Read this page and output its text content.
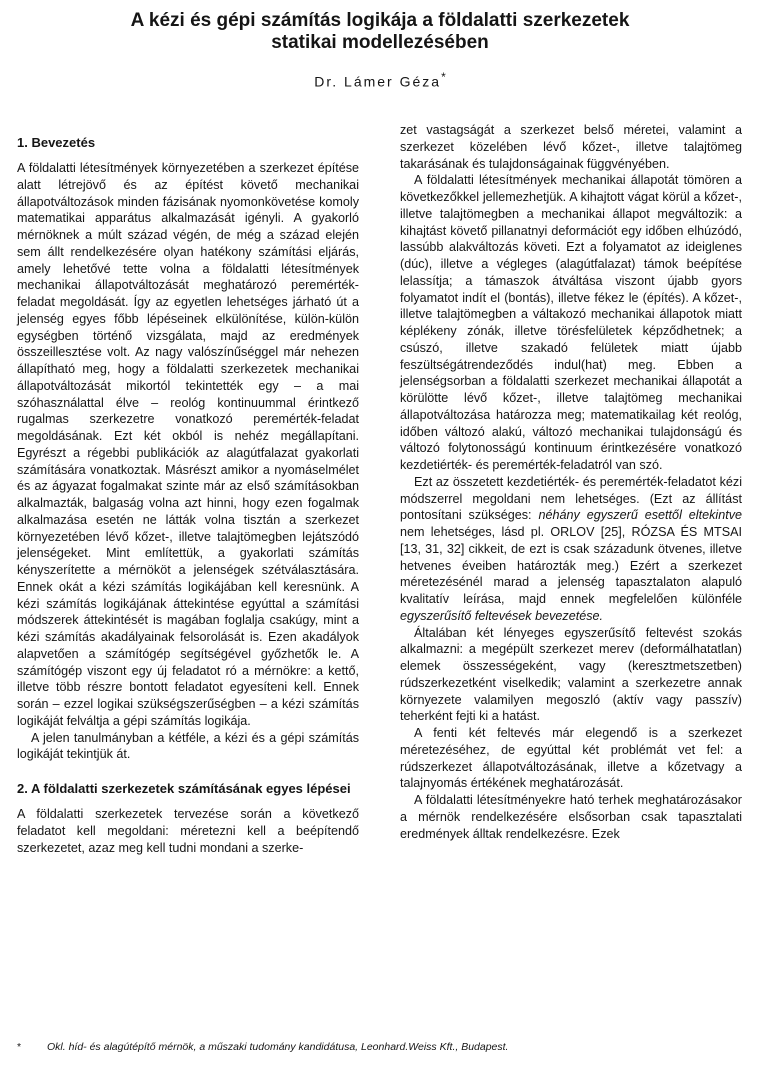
A kézi és gépi számítás logikája a földalatti szerkezetek
statikai modellezésében
Dr. Lámer Géza*
1. Bevezetés

A földalatti létesítmények környezetében a szerkezet építése alatt létrejövő és az építést követő mechanikai állapotváltozások minden fázisának nyomonkövetése komoly matematikai apparátus alkalmazását igényli. A gyakorló mérnöknek a múlt század végén, de még a század elején sem állt rendelkezésére olyan hatékony számítási eljárás, amely lehetővé tette volna a földalatti létesítmények mechanikai állapotváltozását meghatározó peremérték-feladat megoldását. Így az egyetlen lehetséges járható út a jelenség egyes főbb lépéseinek elkülönítése, külön-külön egységben történő vizsgálata, majd az eredmények összeillesztése volt. Az nagy valószínűséggel már nehezen állapítható meg, hogy a földalatti szerkezetek mechanikai állapotváltozását mikortól tekintették egy – a mai szóhasználattal élve – reológ kontinuummal érintkező rugalmas szerkezetre vonatkozó peremérték-feladat megoldásának. Ezt két okból is nehéz megállapítani. Egyrészt a régebbi publikációk az alagútfalazat gyakorlati számítására vonatkoztak. Másrészt amikor a nyomáselmélet és az ágyazat fogalmakat szinte már az első számításokban alkalmazták, balgaság volna azt hinni, hogy ezen fogalmak alkalmazása esetén ne látták volna tisztán a szerkezet környezetében lévő kőzet-, illetve talajtömegben lejátszódó jelenségeket. Mint említettük, a gyakorlati számítás kényszerítette a mérnököt a jelenségek szétválasztására. Ennek okát a kézi számítás logikájában kell keresnünk. A kézi számítás logikájának áttekintése egyúttal a számítási módszerek áttekintését is magában foglalja csakúgy, mint a kézi számítás akadályainak felsorolását is. Ezen akadályok alapvetően a számítógép segítségével győzhetők le. A számítógép viszont egy új feladatot ró a mérnökre: a kettő, illetve több részre bontott feladatot egyesíteni kell. Ennek során – ezzel logikai szükségszerűségben – a kézi számítás logikáját felváltja a gépi számítás logikája.

A jelen tanulmányban a kétféle, a kézi és a gépi számítás logikáját tekintjük át.

2. A földalatti szerkezetek számításának egyes lépései

A földalatti szerkezetek tervezése során a következő feladatot kell megoldani: méretezni kell a beépítendő szerkezetet, azaz meg kell tudni mondani a szerke-

zet vastagságát a szerkezet belső méretei, valamint a szerkezet közelében lévő kőzet-, illetve talajtömeg takarásának és tulajdonságainak függvényében.

A földalatti létesítmények mechanikai állapotát tömören a következőkkel jellemezhetjük. A kihajtott vágat körül a kőzet-, illetve talajtömegben a mechanikai állapot megváltozik: a kihajtást követő pillanatnyi deformációt egy időben elhúzódó, lassúbb alakváltozás követi. Ezt a folyamatot az ideiglenes (dúc), illetve a végleges (alagútfalazat) támok beépítése lelassítja; a támaszok átváltása viszont újabb gyors folyamatot indít el (bontás), illetve fékez le (építés). A kőzet-, illetve talajtömegben a váltakozó mechanikai állapotok miatt képlékeny zónák, illetve törésfelületek képződhetnek; a csúszó, illetve szakadó felületek miatt újabb feszültségátrendeződés indul(hat) meg. Ebben a jelenségsorban a földalatti szerkezet mechanikai állapotát a körülötte lévő kőzet-, illetve talajtömeg mechanikai állapotváltozása határozza meg; matematikailag két reológ, időben változó alakú, változó mechanikai tulajdonságú és változó folytonosságú kontinuum érintkezésére vonatkozó kezdetiérték- és peremérték-feladatról van szó.

Ezt az összetett kezdetiérték- és peremérték-feladatot kézi módszerrel megoldani nem lehetséges. (Ezt az állítást pontosítani szükséges: néhány egyszerű esettől eltekintve nem lehetséges, lásd pl. ORLOV [25], RÓZSA ÉS MTSAI [13, 31, 32] cikkeit, de ezt is csak századunk ötvenes, illetve hetvenes éveiben határozták meg.) Ezért a szerkezet méretezésénél marad a jelenség tapasztalaton alapuló kvalitatív leírása, majd ennek megfelelően különféle egyszerűsítő feltevések bevezetése.

Általában két lényeges egyszerűsítő feltevést szokás alkalmazni: a megépült szerkezet merev (deformálhatatlan) elemek összességeként, vagy (keresztmetszetben) rúdszerkezetként viselkedik; valamint a szerkezetre annak környezete valamilyen megoszló (aktív vagy passzív) teherként fejti ki a hatást.

A fenti két feltevés már elegendő is a szerkezet méretezéséhez, de egyúttal két problémát vet fel: a rúdszerkezet állapotváltozásának, illetve a kőzetvagy a talajnyomás értékének meghatározását.

A földalatti létesítményekre ható terhek meghatározásakor a mérnök rendelkezésére elsősorban csak tapasztalati eredmények álltak rendelkezésre. Ezek

* Okl. híd- és alagútépítő mérnök, a műszaki tudomány kandidátusa, Leonhard.Weiss Kft., Budapest.
